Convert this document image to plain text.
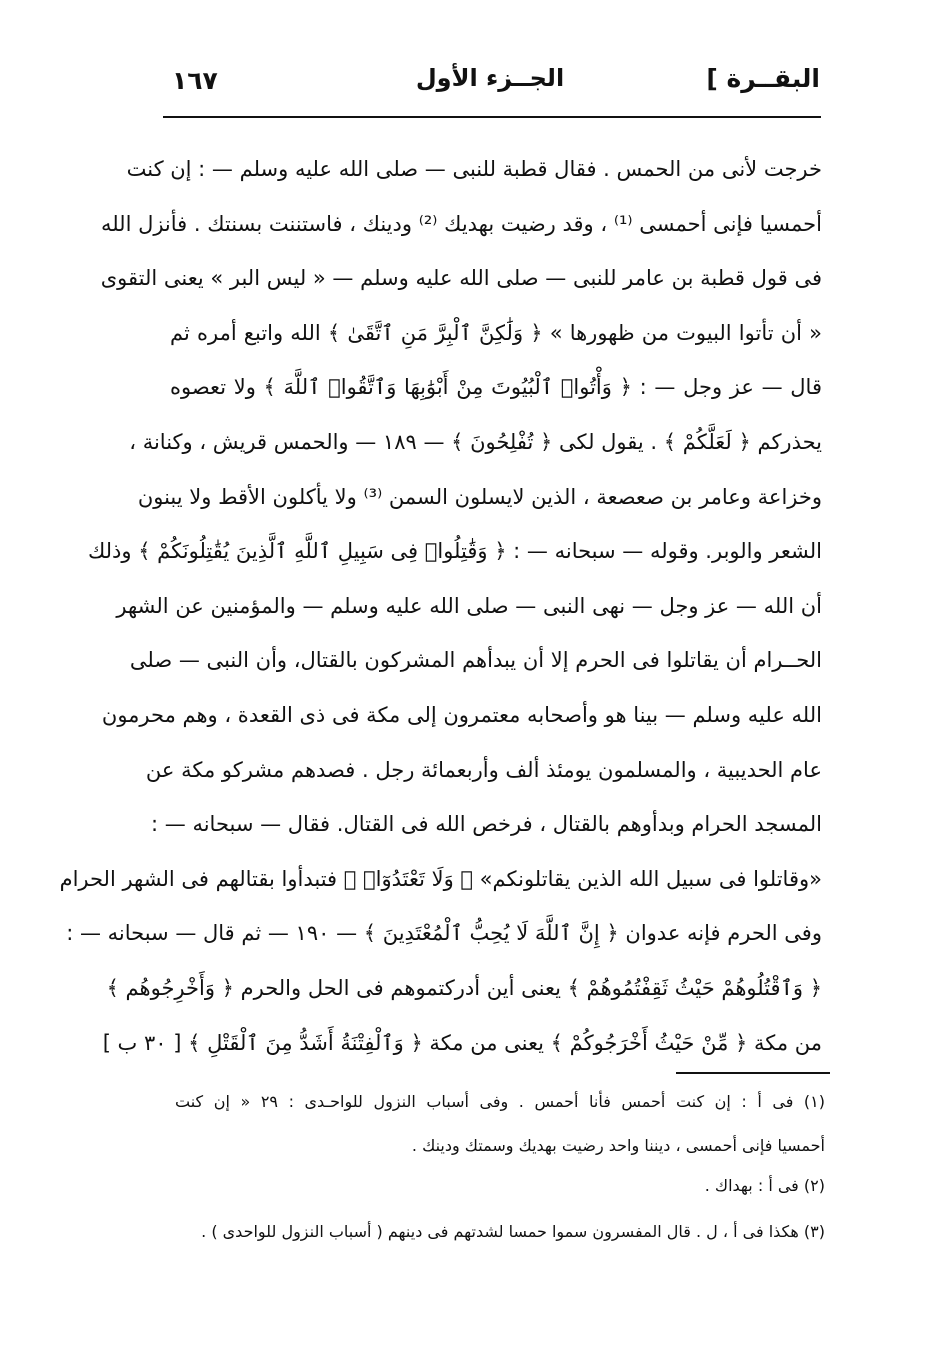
البقــرة ]
الجــزء الأول
١٦٧
خرجت لأنى من الحمس . فقال قطبة للنبى — صلى الله عليه وسلم — : إن كنت
أحمسيا فإنى أحمسى ⁽¹⁾ ، وقد رضيت بهديك ⁽²⁾ ودينك ، فاستننت بسنتك . فأنزل الله
فى قول قطبة بن عامر للنبى — صلى الله عليه وسلم — « ليس البر » يعنى التقوى
« أن تأتوا البيوت من ظهورها » ﴿ وَلَٰكِنَّ ٱلْبِرَّ مَنِ ٱتَّقَىٰ ﴾ الله واتبع أمره ثم
قال — عز وجل — : ﴿ وَأْتُوا۟ ٱلْبُيُوتَ مِنْ أَبْوَٰبِهَا وَٱتَّقُوا۟ ٱللَّهَ ﴾ ولا تعصوه
يحذركم ﴿ لَعَلَّكُمْ ﴾ . يقول لكى ﴿ تُفْلِحُونَ ﴾ — ١٨٩ — والحمس قريش ، وكنانة ،
وخزاعة وعامر بن صعصعة ، الذين لايسلون السمن ⁽³⁾ ولا يأكلون الأقط ولا يبنون
الشعر والوبر. وقوله — سبحانه — : ﴿ وَقَٰتِلُوا۟ فِى سَبِيلِ ٱللَّهِ ٱلَّذِينَ يُقَٰتِلُونَكُمْ ﴾ وذلك
أن الله — عز وجل — نهى النبى — صلى الله عليه وسلم — والمؤمنين عن الشهر
الحــرام أن يقاتلوا فى الحرم إلا أن يبدأهم المشركون بالقتال، وأن النبى — صلى
الله عليه وسلم — بينا هو وأصحابه معتمرون إلى مكة فى ذى القعدة ، وهم محرمون
عام الحديبية ، والمسلمون يومئذ ألف وأربعمائة رجل . فصدهم مشركو مكة عن
المسجد الحرام وبدأوهم بالقتال ، فرخص الله فى القتال. فقال — سبحانه — :
«وقاتلوا فى سبيل الله الذين يقاتلونكم» ﴿ وَلَا تَعْتَدُوٓا۟ ﴾ فتبدأوا بقتالهم فى الشهر الحرام
وفى الحرم فإنه عدوان ﴿ إِنَّ ٱللَّهَ لَا يُحِبُّ ٱلْمُعْتَدِينَ ﴾ — ١٩٠ — ثم قال — سبحانه — :
﴿ وَٱقْتُلُوهُمْ حَيْثُ ثَقِفْتُمُوهُمْ ﴾ يعنى أين أدركتموهم فى الحل والحرم ﴿ وَأَخْرِجُوهُم ﴾
من مكة ﴿ مِّنْ حَيْثُ أَخْرَجُوكُمْ ﴾ يعنى من مكة ﴿ وَٱلْفِتْنَةُ أَشَدُّ مِنَ ٱلْقَتْلِ ﴾ [ ٣٠ ب ]
(١) فى أ : إن كنت أحمس فأنا أحمس . وفى أسباب النزول للواحـدى : ٢٩ « إن كنت
أحمسيا فإنى أحمسى ، ديننا واحد رضيت بهديك وسمتك ودينك .
(٢) فى أ : بهداك .
(٣) هكذا فى أ ، ل . قال المفسرون سموا حمسا لشدتهم فى دينهم ( أسباب النزول للواحدى ) .
